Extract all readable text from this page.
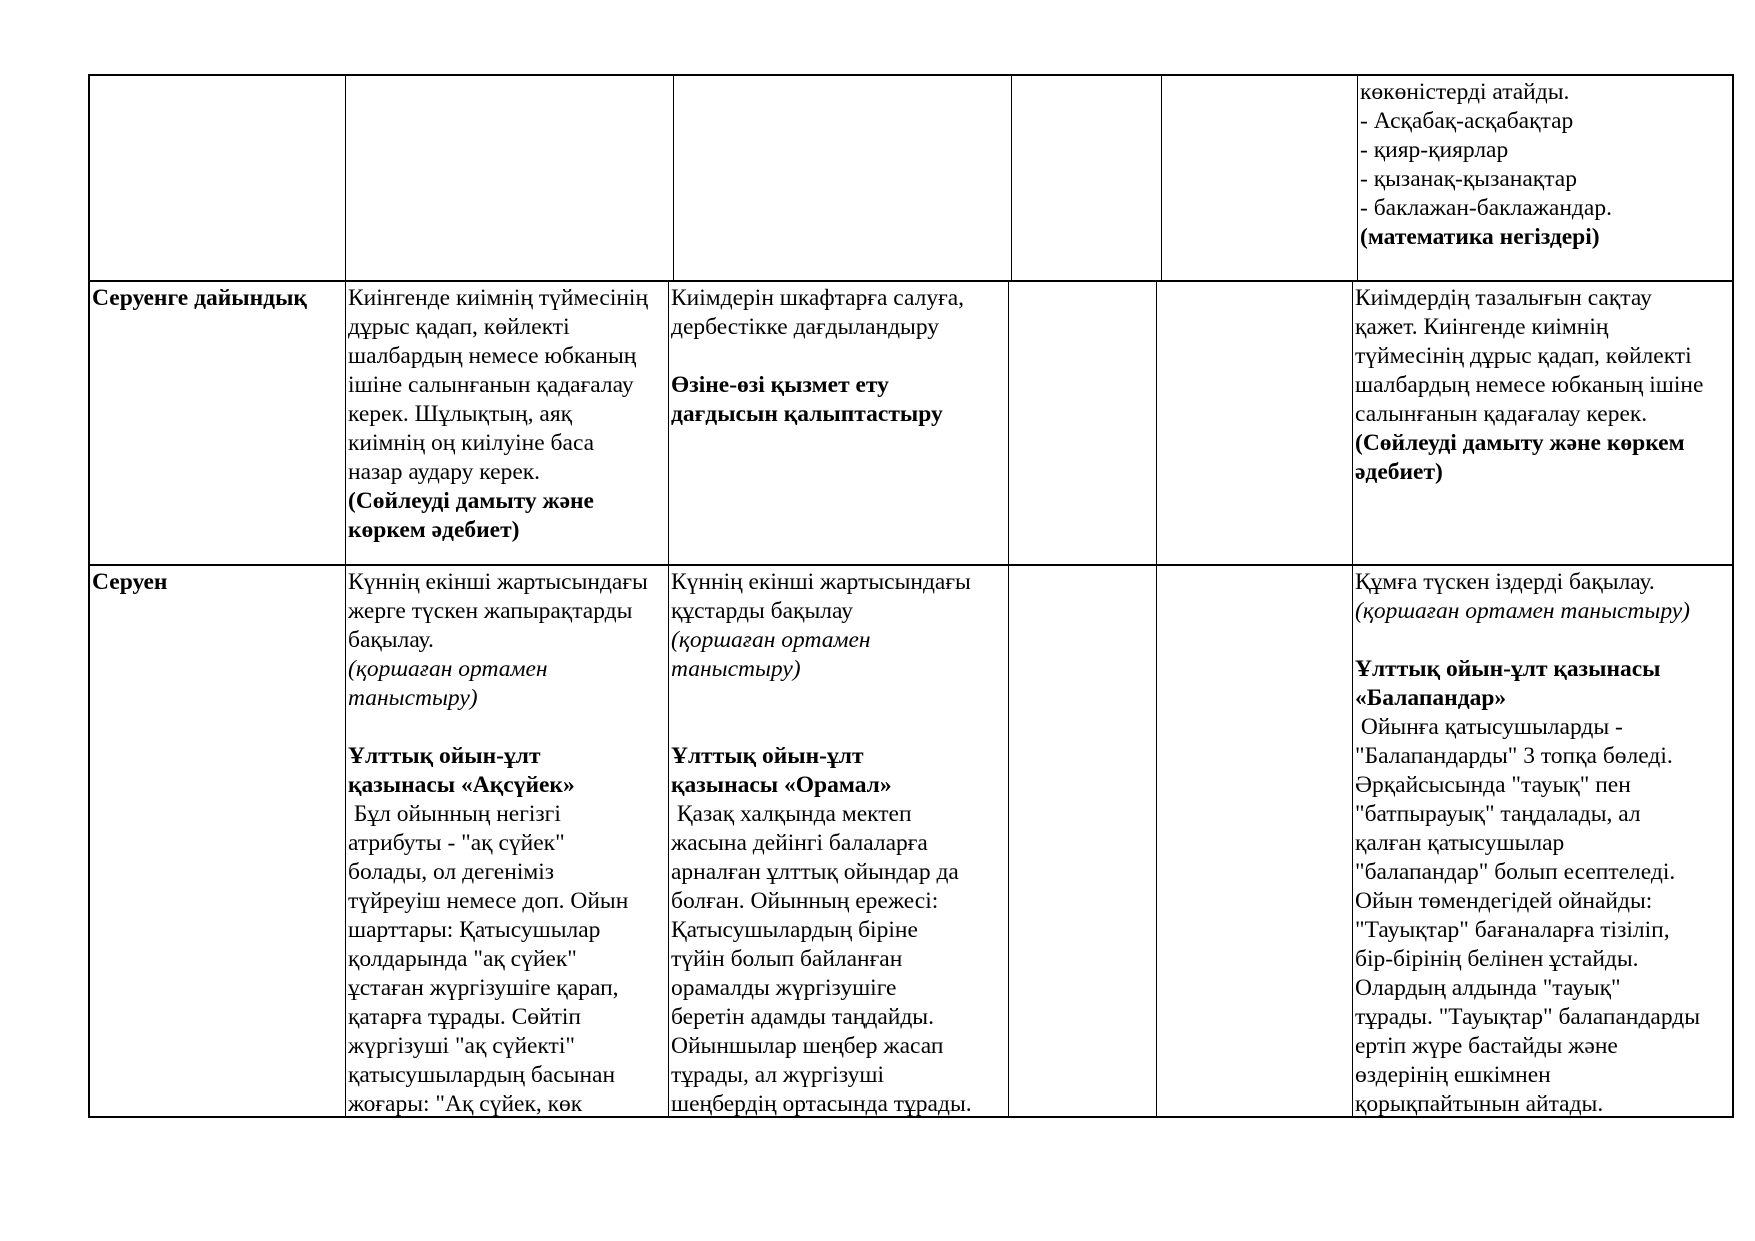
көкөністерді атайды.
- Асқабақ-асқабақтар
- қияр-қиярлар
- қызанақ-қызанақтар
- баклажан-баклажандар.
(математика негіздері)
Серуенге дайындық	Киінгенде киімнің түймесінің
дұрыс қадап, көйлекті
шалбардың немесе юбканың
ішіне салынғанын қадағалау
керек. Шұлықтың, аяқ
киімнің оң киілуіне баса
назар аудару керек.
(Сөйлеуді дамыту және
көркем әдебиет)
Киімдерін шкафтарға салуға,
дербестікке дағдыландыру
Өзіне-өзі қызмет ету
дағдысын қалыптастыру
Киімдердің тазалығын сақтау
қажет. Киінгенде киімнің
түймесінің дұрыс қадап, көйлекті
шалбардың немесе юбканың ішіне
салынғанын қадағалау керек.
(Сөйлеуді дамыту және көркем
әдебиет)
Серуен	Күннің екінші жартысындағы
жерге түскен жапырақтарды
бақылау.
(қоршаған ортамен
таныстыру)
Ұлттық ойын-ұлт
қазынасы «Ақсүйек»
Бұл ойынның негізгі
атрибуты - "ақ сүйек"
болады, ол дегеніміз
түйреуіш немесе доп. Ойын
шарттары: Қатысушылар
қолдарында "ақ сүйек"
ұстаған жүргізушіге қарап,
қатарға тұрады. Сөйтіп
жүргізуші "ақ сүйекті"
қатысушылардың басынан
жоғары: "Ақ сүйек, көк
Күннің екінші жартысындағы
құстарды бақылау
(қоршаған ортамен
таныстыру)
Ұлттық ойын-ұлт
қазынасы «Орамал»
Қазақ халқында мектеп
жасына дейінгі балаларға
арналған ұлттық ойындар да
болған. Ойынның ережесі:
Қатысушылардың біріне
түйін болып байланған
орамалды жүргізушіге
беретін адамды таңдайды.
Ойыншылар шеңбер жасап
тұрады, ал жүргізуші
шеңбердің ортасында тұрады.
Құмға түскен іздерді бақылау.
(қоршаған ортамен таныстыру)
Ұлттық ойын-ұлт қазынасы
«Балапандар»
Ойынға қатысушыларды -
"Балапандарды" 3 топқа бөледі.
Әрқайсысында "тауық" пен
"батпырауық" таңдалады, ал
қалған қатысушылар
"балапандар" болып есептеледі.
Ойын төмендегідей ойнайды:
"Тауықтар" бағаналарға тізіліп,
бір-бірінің белінен ұстайды.
Олардың алдында "тауық"
тұрады. "Тауықтар" балапандарды
ертіп жүре бастайды және
өздерінің ешкімнен
қорықпайтынын айтады.
